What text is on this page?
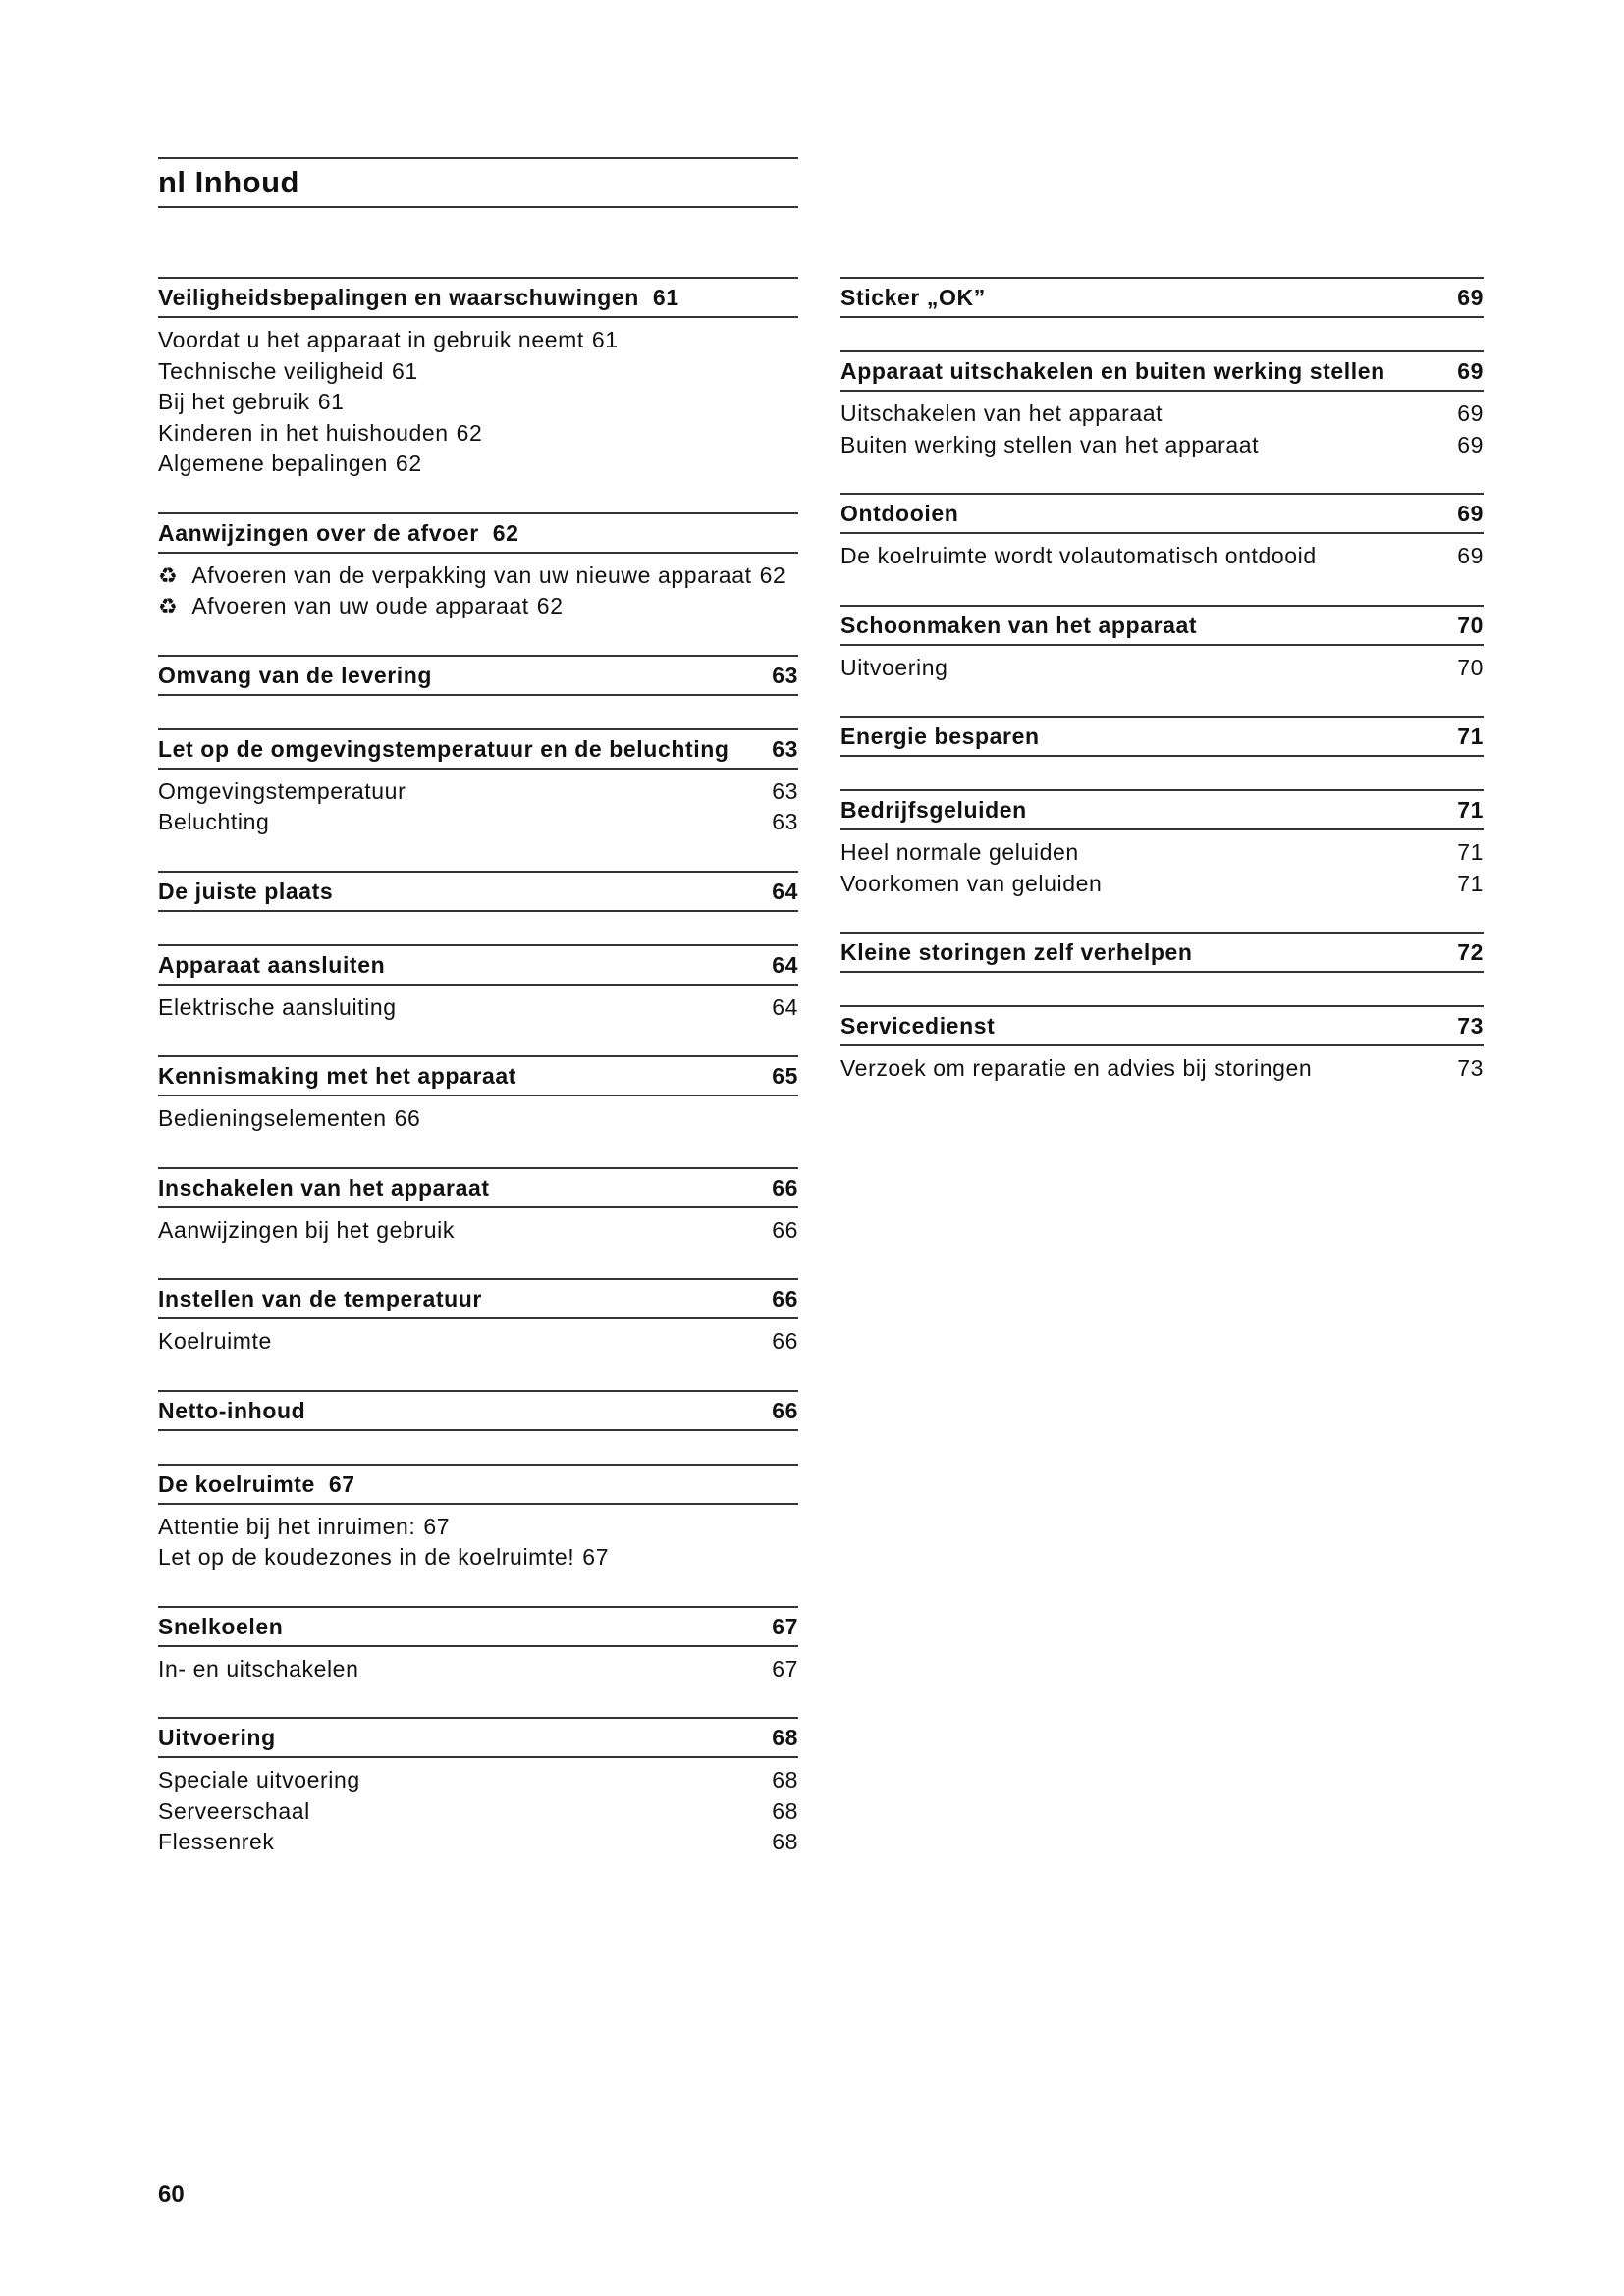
nl Inhoud
Veiligheidsbepalingen en waarschuwingen 61
Voordat u het apparaat in gebruik neemt 61
Technische veiligheid 61
Bij het gebruik 61
Kinderen in het huishouden 62
Algemene bepalingen 62
Aanwijzingen over de afvoer 62
♻ Afvoeren van de verpakking van uw nieuwe apparaat 62
♻ Afvoeren van uw oude apparaat 62
Omvang van de levering	63
Let op de omgevingstemperatuur en de beluchting	63
Omgevingstemperatuur	63
Beluchting	63
De juiste plaats	64
Apparaat aansluiten	64
Elektrische aansluiting	64
Kennismaking met het apparaat	65
Bedieningselementen 66
Inschakelen van het apparaat	66
Aanwijzingen bij het gebruik	66
Instellen van de temperatuur	66
Koelruimte	66
Netto-inhoud	66
De koelruimte 67
Attentie bij het inruimen: 67
Let op de koudezones in de koelruimte! 67
Snelkoelen	67
In- en uitschakelen	67
Uitvoering	68
Speciale uitvoering	68
Serveerschaal	68
Flessenrek	68
Sticker „OK”	69
Apparaat uitschakelen en buiten werking stellen	69
Uitschakelen van het apparaat	69
Buiten werking stellen van het apparaat	69
Ontdooien	69
De koelruimte wordt volautomatisch ontdooid	69
Schoonmaken van het apparaat	70
Uitvoering	70
Energie besparen	71
Bedrijfsgeluiden	71
Heel normale geluiden	71
Voorkomen van geluiden	71
Kleine storingen zelf verhelpen	72
Servicedienst	73
Verzoek om reparatie en advies bij storingen	73
60
